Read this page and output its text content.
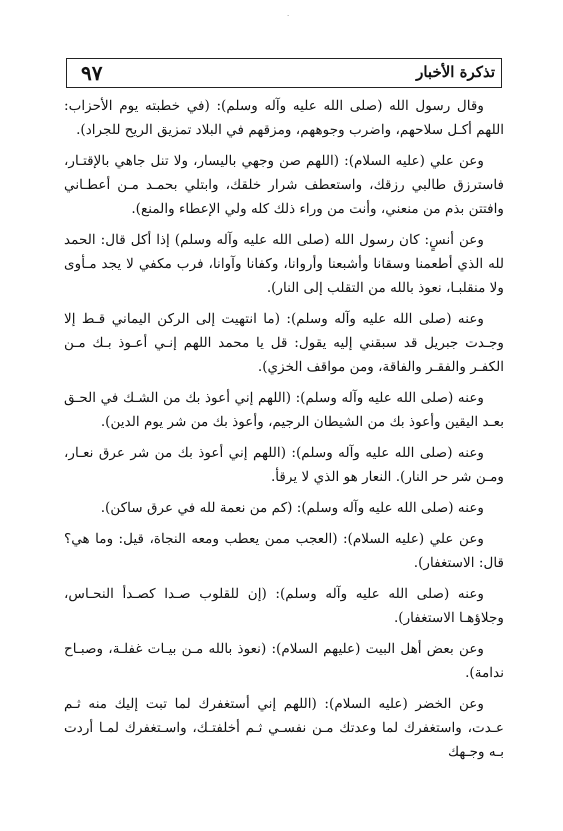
·
تذكرة الأخبار
٩٧

وقال رسول الله (صلى الله عليه وآله وسلم): (في خطبته يوم الأحزاب: اللهم أكـل سلاحهم، واضرب وجوههم، ومزقهم في البلاد تمزيق الريح للجراد).

وعن علي (عليه السلام): (اللهم صن وجهي باليسار، ولا تنل جاهي بالإقتـار، فاسترزق طالبي رزقك، واستعطف شرار خلقك، وابتلي بحمـد مـن أعطـاني وافتتن بذم من منعني، وأنت من وراء ذلك كله ولي الإعطاء والمنع).

وعن أنسٍ: كان رسول الله (صلى الله عليه وآله وسلم) إذا أكل قال: الحمد لله الذي أطعمنا وسقانا وأشبعنا وأروانا، وكفانا وآوانا، فرب مكفي لا يجد مـأوى ولا منقلبـا، نعوذ بالله من التقلب إلى النار).

وعنه (صلى الله عليه وآله وسلم): (ما انتهيت إلى الركن اليماني قـط إلا وجـدت جبريل قد سبقني إليه يقول: قل يا محمد اللهم إنـي أعـوذ بـك مـن الكفـر والفقـر والفاقة، ومن مواقف الخزي).

وعنه (صلى الله عليه وآله وسلم): (اللهم إني أعوذ بك من الشـك في الحـق بعـد اليقين وأعوذ بك من الشيطان الرجيم، وأعوذ بك من شر يوم الدين).

وعنه (صلى الله عليه وآله وسلم): (اللهم إني أعوذ بك من شر عرق نعـار، ومـن شر حر النار). النعار هو الذي لا يرقأ.

وعنه (صلى الله عليه وآله وسلم): (كم من نعمة لله في عرق ساكن).

وعن علي (عليه السلام): (العجب ممن يعطب ومعه النجاة، قيل: وما هي؟ قال: الاستغفار).

وعنه (صلى الله عليه وآله وسلم): (إن للقلوب صـدا كصـدأ النحـاس، وجلاؤهـا الاستغفار).

وعن بعض أهل البيت (عليهم السلام): (نعوذ بالله مـن بيـات غفلـة، وصبـاح ندامة).

وعن الخضر (عليه السلام): (اللهم إني أستغفرك لما تبت إليك منه ثـم عـدت، واستغفرك لما وعدتك مـن نفسـي ثـم أخلفتـك، واسـتغفرك لمـا أردت بـه وجـهك
